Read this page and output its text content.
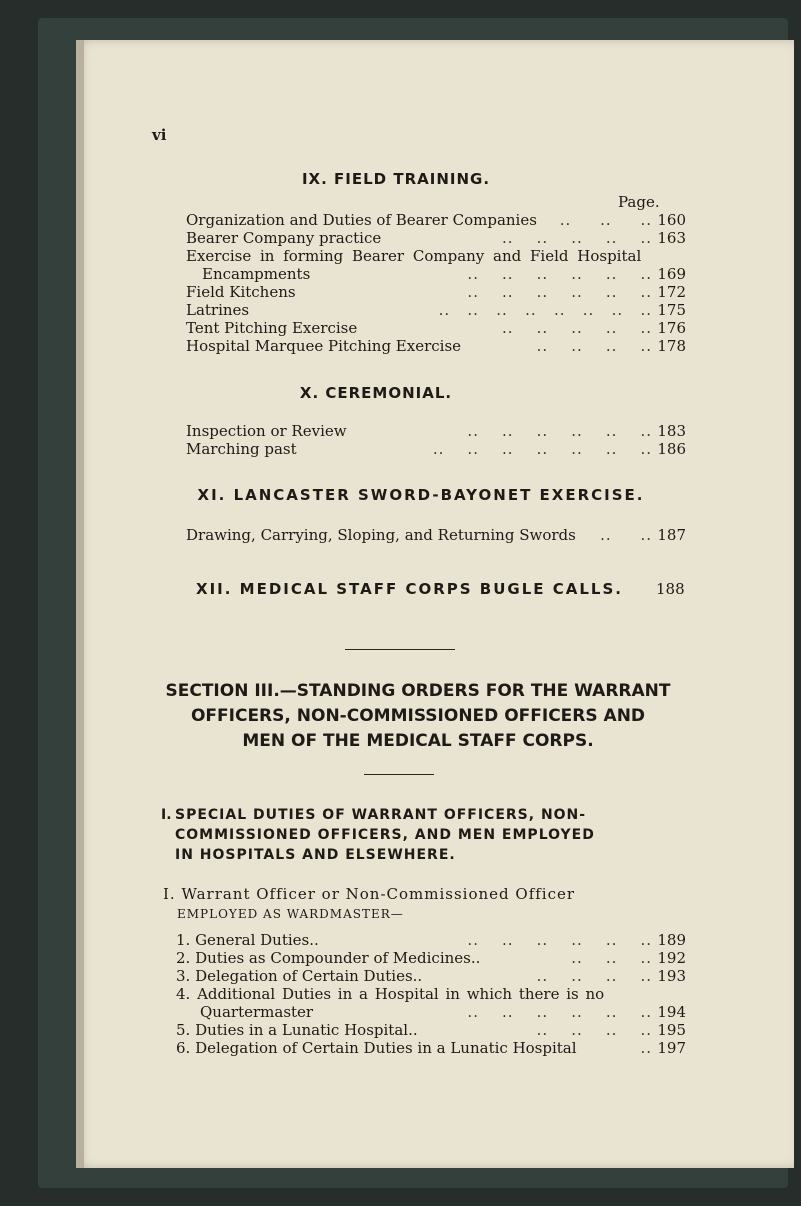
vi
IX. FIELD TRAINING.
Page.
Organization and Duties of Bearer Companies	..     ..     .. 160
Bearer Company practice	..    ..    ..    ..    .. 163
Exercise in forming Bearer Company and Field Hospital
Encampments	..    ..    ..    ..    ..    .. 169
Field Kitchens	..    ..    ..    ..    ..    .. 172
Latrines	..   ..   ..   ..   ..   ..   ..   .. 175
Tent Pitching Exercise	..    ..    ..    ..    .. 176
Hospital Marquee Pitching Exercise	..    ..    ..    .. 178
X. CEREMONIAL.
Inspection or Review	..    ..    ..    ..    ..    .. 183
Marching past	..    ..    ..    ..    ..    ..    .. 186
XI. LANCASTER SWORD-BAYONET EXERCISE.
Drawing, Carrying, Sloping, and Returning Swords	..     .. 187
XII. MEDICAL STAFF CORPS BUGLE CALLS.	188
SECTION III.—STANDING ORDERS FOR THE WARRANT
OFFICERS, NON-COMMISSIONED OFFICERS AND
MEN OF THE MEDICAL STAFF CORPS.
I. SPECIAL DUTIES OF WARRANT OFFICERS, NON-
COMMISSIONED OFFICERS, AND MEN EMPLOYED
IN HOSPITALS AND ELSEWHERE.
I. Warrant Officer or Non-Commissioned Officer
EMPLOYED AS WARDMASTER—
1. General Duties..	..    ..    ..    ..    ..    .. 189
2. Duties as Compounder of Medicines..	..    ..    .. 192
3. Delegation of Certain Duties..	..    ..    ..    .. 193
4. Additional Duties in a Hospital in which there is no
Quartermaster	..    ..    ..    ..    ..    .. 194
5. Duties in a Lunatic Hospital..	..    ..    ..    .. 195
6. Delegation of Certain Duties in a Lunatic Hospital	.. 197
